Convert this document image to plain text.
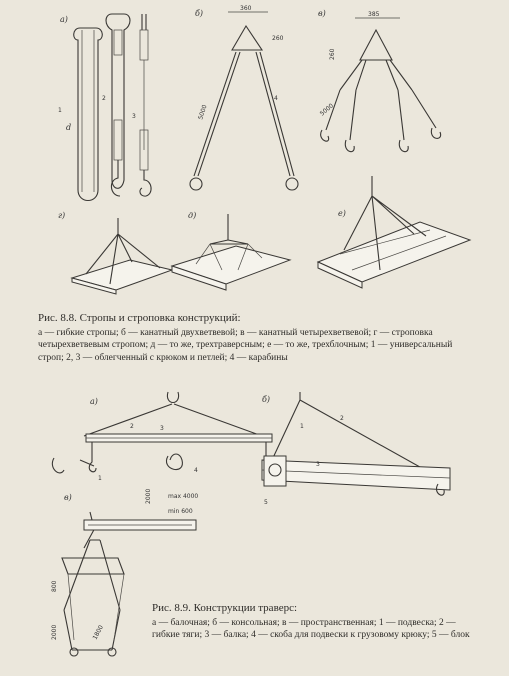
а)
1
2
3
d
б)
360
260
5000
4
в)	385
260
5000
г)	д)	е)
а)
2	3
1
4
б)
1
2
3
5
в)	2000	max 4000
min 600
800
2000	1800
Рис. 8.8. Стропы и строповка конструкций:
а — гибкие стропы; б — канатный двухветвевой; в — канатный четырехветвевой; г — строповка четырехветвевым стропом; д — то же, трехтраверсным; е — то же, трехблочным; 1 — универсальный строп; 2, 3 — облегченный с крюком и петлей; 4 — карабины
Рис. 8.9. Конструкции траверс:
а — балочная; б — консольная; в — пространственная; 1 — подвеска; 2 — гибкие тяги; 3 — балка; 4 — скоба для подвески к грузовому крюку; 5 — блок
